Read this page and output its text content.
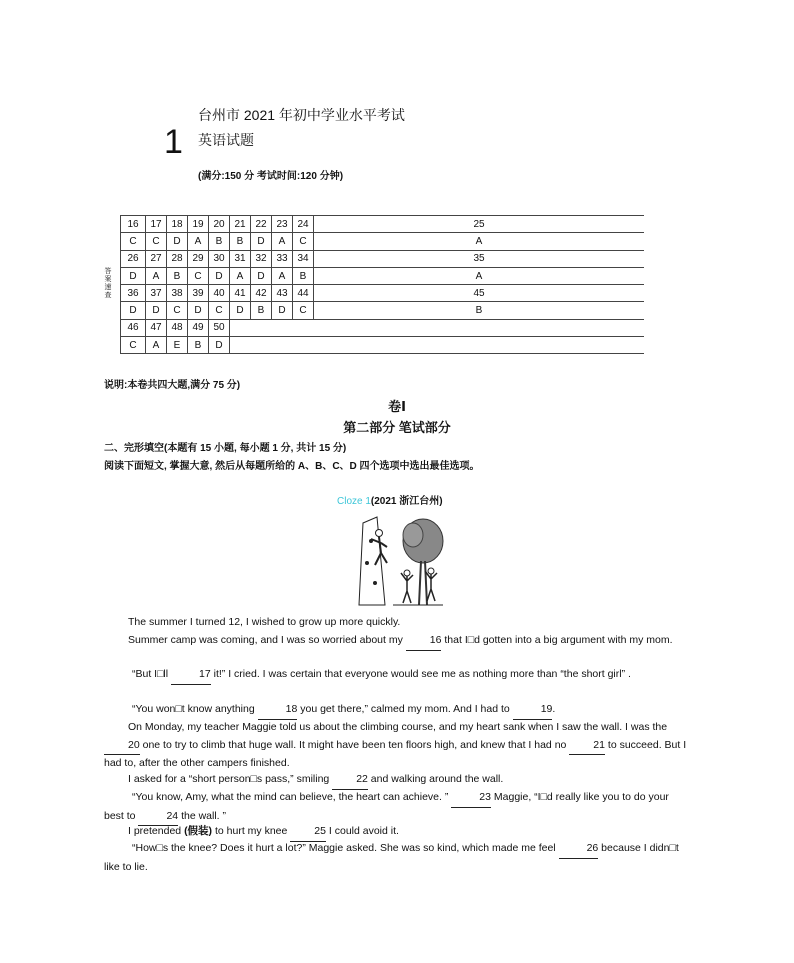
1
台州市 2021 年初中学业水平考试
英语试题
(满分:150 分 考试时间:120 分钟)
答案速查
16	17	18	19	20	21	22	23	24	25
C	C	D	A	B	B	D	A	C	A
26	27	28	29	30	31	32	33	34	35
D	A	B	C	D	A	D	A	B	A
36	37	38	39	40	41	42	43	44	45
D	D	C	D	C	D	B	D	C	B
46	47	48	49	50					
C	A	E	B	D					
说明:本卷共四大题,满分 75 分)
卷Ⅰ
第二部分 笔试部分
二、完形填空(本题有 15 小题, 每小题 1 分, 共计 15 分)
阅读下面短文, 掌握大意, 然后从每题所给的 A、B、C、D 四个选项中选出最佳选项。
Cloze 1(2021 浙江台州)
The summer I turned 12, I wished to grow up more quickly.
Summer camp was coming, and I was so worried about my	16 that I□d gotten into a big argument with my mom.
“But I□ll	17 it!” I cried. I was certain that everyone would see me as nothing more than “the short girl” .
“You won□t know anything	18 you get there,” calmed my mom. And I had to	19.
On Monday, my teacher Maggie told us about the climbing course, and my heart sank when I saw the wall. I was the 20 one to try to climb that huge wall. It might have been ten floors high, and knew that I had no	21 to succeed. But I had to, after the other campers finished.
I asked for a “short person□s pass,” smiling	22 and walking around the wall.
“You know, Amy, what the mind can believe, the heart can achieve. ”	23 Maggie, “I□d really like you to do your best to	24 the wall. ”
I pretended (假装) to hurt my knee	25 I could avoid it.
“How□s the knee? Does it hurt a lot?” Maggie asked. She was so kind, which made me feel	26 because I didn□t like to lie.
